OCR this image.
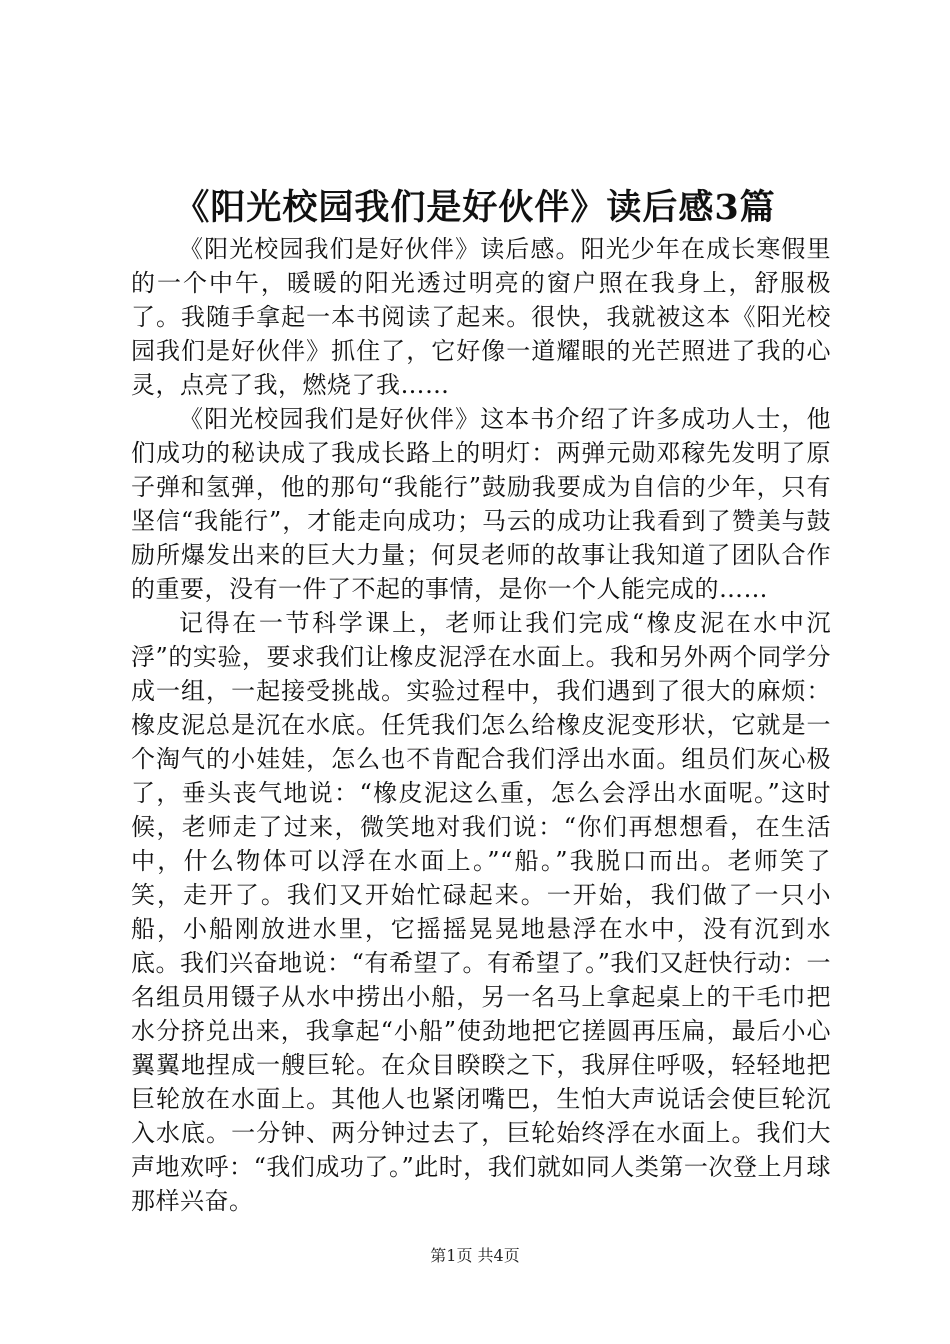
《阳光校园我们是好伙伴》读后感3篇

《阳光校园我们是好伙伴》读后感。阳光少年在成长寒假里的一个中午，暖暖的阳光透过明亮的窗户照在我身上，舒服极了。我随手拿起一本书阅读了起来。很快，我就被这本《阳光校园我们是好伙伴》抓住了，它好像一道耀眼的光芒照进了我的心灵，点亮了我，燃烧了我……

《阳光校园我们是好伙伴》这本书介绍了许多成功人士，他们成功的秘诀成了我成长路上的明灯：两弹元勋邓稼先发明了原子弹和氢弹，他的那句“我能行”鼓励我要成为自信的少年，只有坚信“我能行”，才能走向成功；马云的成功让我看到了赞美与鼓励所爆发出来的巨大力量；何炅老师的故事让我知道了团队合作的重要，没有一件了不起的事情，是你一个人能完成的……

记得在一节科学课上，老师让我们完成“橡皮泥在水中沉浮”的实验，要求我们让橡皮泥浮在水面上。我和另外两个同学分成一组，一起接受挑战。实验过程中，我们遇到了很大的麻烦：橡皮泥总是沉在水底。任凭我们怎么给橡皮泥变形状，它就是一个淘气的小娃娃，怎么也不肯配合我们浮出水面。组员们灰心极了，垂头丧气地说：“橡皮泥这么重，怎么会浮出水面呢。”这时候，老师走了过来，微笑地对我们说：“你们再想想看，在生活中，什么物体可以浮在水面上。”“船。”我脱口而出。老师笑了笑，走开了。我们又开始忙碌起来。一开始，我们做了一只小船，小船刚放进水里，它摇摇晃晃地悬浮在水中，没有沉到水底。我们兴奋地说：“有希望了。有希望了。”我们又赶快行动：一名组员用镊子从水中捞出小船，另一名马上拿起桌上的干毛巾把水分挤兑出来，我拿起“小船”使劲地把它搓圆再压扁，最后小心翼翼地捏成一艘巨轮。在众目睽睽之下，我屏住呼吸，轻轻地把巨轮放在水面上。其他人也紧闭嘴巴，生怕大声说话会使巨轮沉入水底。一分钟、两分钟过去了，巨轮始终浮在水面上。我们大声地欢呼：“我们成功了。”此时，我们就如同人类第一次登上月球那样兴奋。

第1页 共4页
